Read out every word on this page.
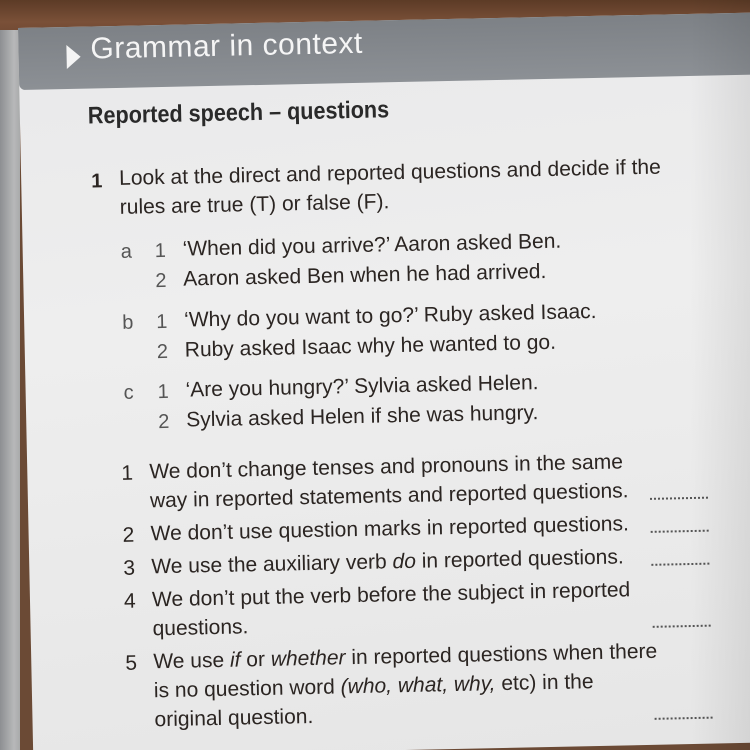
Grammar in context
Reported speech – questions
1 Look at the direct and reported questions and decide if the rules are true (T) or false (F).
a 1 ‘When did you arrive?’ Aaron asked Ben.
2 Aaron asked Ben when he had arrived.
b 1 ‘Why do you want to go?’ Ruby asked Isaac.
2 Ruby asked Isaac why he wanted to go.
c 1 ‘Are you hungry?’ Sylvia asked Helen.
2 Sylvia asked Helen if she was hungry.
1 We don’t change tenses and pronouns in the same
way in reported statements and reported questions.
2 We don’t use question marks in reported questions.
3 We use the auxiliary verb do in reported questions.
4 We don’t put the verb before the subject in reported
questions.
5 We use if or whether in reported questions when there
is no question word (who, what, why, etc) in the
original question.
